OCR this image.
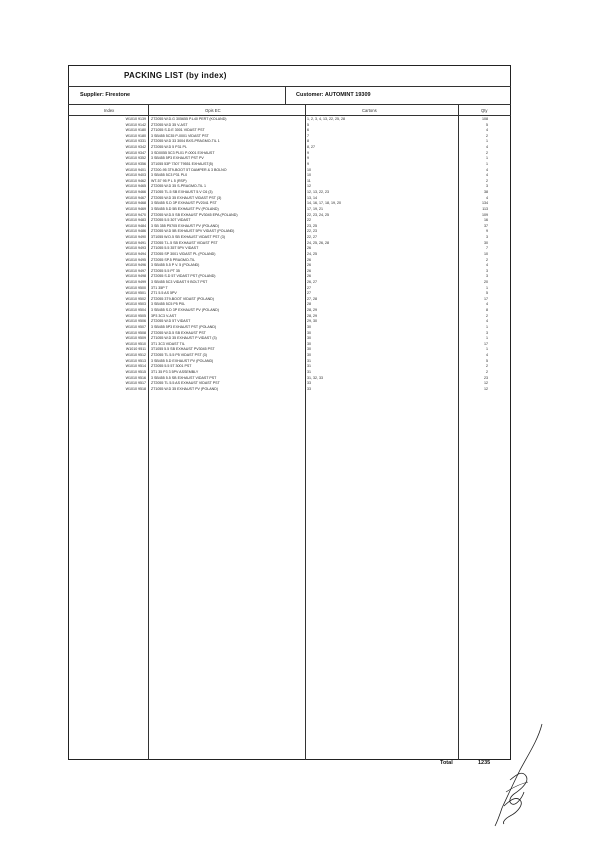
PACKING LIST (by index)
Supplier: Firestone	Customer: AUTOMINT 19309
Index	Opis EC	Cartons	Qty
W1010 9139 ZT2055 W.D.G 305655 P.L40 PERT (KOLAND)	1, 2, 3, 4, 13, 22, 25, 28	108
W1010 9142 ZT2055 W.D 35 V-AST	5	5
W1010 9180 ZT1055 S.D.E 3001 VIDAST PST	6	4
W1010 9180 3 SB455 5C35 P-0001 VIDAST PST	7	2
W1010 9331 ZT2055 W.D 33 3004 BXS-PRAGMO-TIL 1	8	1
W1010 9342 ZT2055 W.D 5 P31 PL	8, 27	4
W1010 9347 3 SD0055 5C3 PL01 P-0001 EXHAUST	9	2
W1010 9352 3 SB455 5P3 EXHAUST PST PV	9	1
W1010 9356 3T1055 53P 7307 T9551 EXHAUST(5)	9	1
W1010 9401 ZT200-95 3T9-BOOT 5T DAMPER & 3 BOLNO	10	4
W1010 9403 3 SB455 5C3 P31 PL0	10	4
W1010 9462 WT-57 95 P L 5 (RSP)	11	2
W1010 9465 ZT2055 W.D 35 S-PRAGMO-TIL 1	12	3
W1010 9466 ZT1055 TL.5 SB EXHAUST 5.V C6 (3)	12, 13, 22, 23	38
W1010 9467 ZT2055 W.D 35 EXHAUST VIDAST PST (3)	13, 14	4
W1010 9468 3 SB455 S.D 3P EXHAUST PV2041 PST	14, 16, 17, 18, 19, 20	134
W1010 9469 3 SB455 5.D 5B EXHAUST PV (POLAND)	17, 19, 21	113
W1010 9470 ZT2055 W.D.5 SB EXHAUST PV3045 EPA (POLAND)	22, 23, 24, 25	109
W1010 9483 ZT2055 5.5 30T VIDAST	22	16
W1010 9484 3 SB 355 P5705 EXHAUST PV (POLAND)	23, 25	37
W1010 9486 ZT2055 W.D 5B EXHAUST 5PV VIDAST (POLAND)	22, 23	9
W1010 9490 3T1055 W.D.5 SB EXHAUST VIDAST PST (3)	22, 27	3
W1010 9491 ZT2055 T.L.5 SB EXHAUST VIDAST PST	24, 25, 26, 28	30
W1010 9493 ZT1055 5.5 35T 5PV VIDAST	26	7
W1010 9494 ZT2055 SP 3001 VIDAST PL (POLAND)	24, 25	10
W1010 9495 ZT2055 SP.5 PRAGMO-TIL	26	2
W1010 9496 3 SB455 5.5 P V. 5 (POLAND)	26	4
W1010 9497 ZT2055 5.5 PT 35	26	3
W1010 9498 ZT2055 S.D 5T VIDAST PST (POLAND)	26	3
W1010 9499 3 SB455 5C3 VIDAST 9 BOLT PST	26, 27	20
W1010 9500 3T1 35P T	27	1
W1010 9501 ZT1 5.5 AS 5PV	27	5
W1010 9502 ZT2055 3T9-BOOT VIDAST (POLAND)	27, 28	17
W1010 9503 3 SB455 5C5 P5 P0L	28	4
W1010 9504 3 SB455 S.D 3P EXHAUST PV (POLAND)	28, 29	8
W1010 9505 3P3 3C3 V-AST	28, 29	2
W1010 9506 ZT2055 W.D 5T VIDAST	29, 30	4
W1010 9507 3 SB455 5P3 EXHAUST PST (POLAND)	30	1
W1010 9508 ZT2055 W.D.5 SB EXHAUST PST	30	3
W1010 9509 ZT1055 W.D 35 EXHAUST P VIDAST (3)	30	1
W1010 9510 3T1 3C3 VIDAST TIL	30	17
W1010 9511 3T1055 5.5 SB EXHAUST PV3045 PST	30	1
W1010 9512 ZT2055 TL 5.5 P5 VIDAST PST (3)	30	4
W1010 9513 3 SB455 5.D EXHAUST PV (POLAND)	31	5
W1010 9514 ZT2055 5.5 5T 3001 PST	31	2
W1010 9515 3T1 35 P3 3 5PV ASSEMBLY	31	2
W1010 9516 3 SB455 5.5 SB EXHAUST VIDAST PST	31, 32, 33	23
W1010 9517 ZT2055 TL 5.5 AS EXHAUST VIDAST PST	33	12
W1010 9518 ZT1055 W.D 35 EXHAUST PV (POLAND)	33	12
Total	1235
